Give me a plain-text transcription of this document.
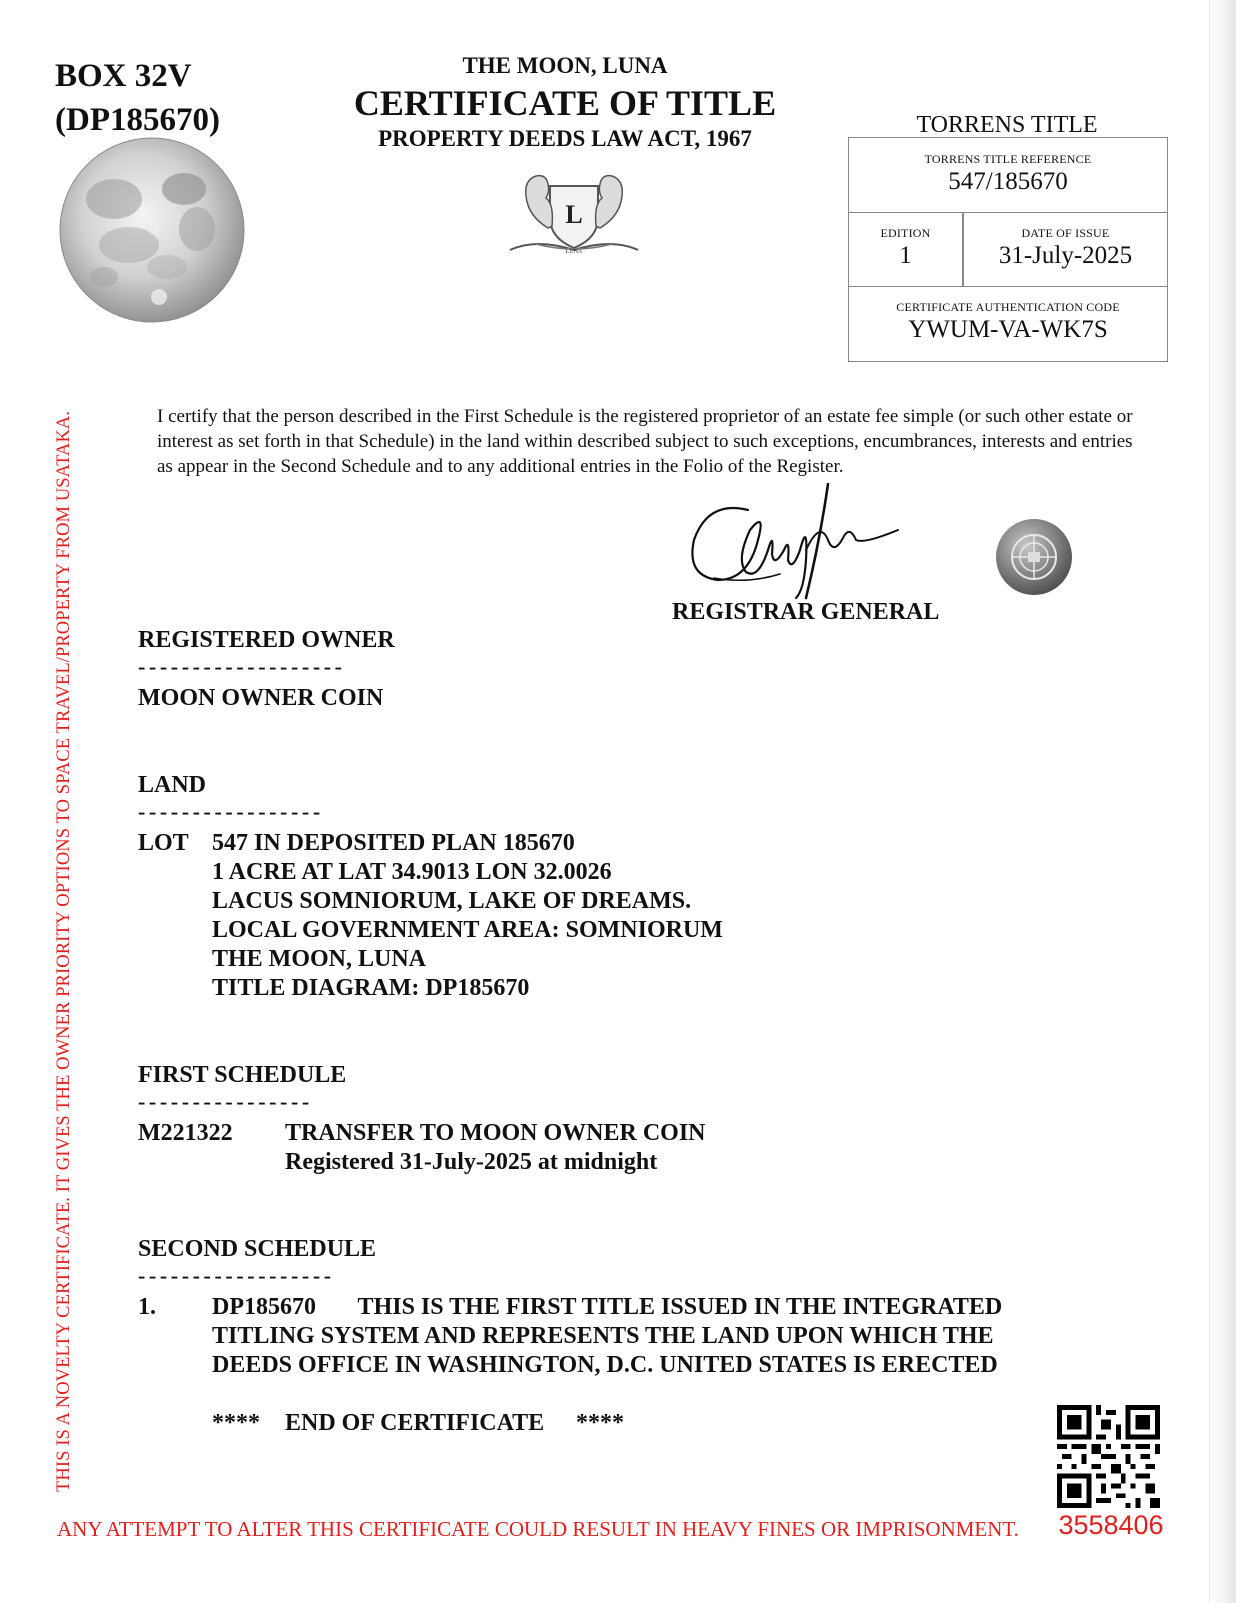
BOX 32V
(DP185670)
THIS IS A NOVELTY CERTIFICATE. IT GIVES THE OWNER PRIORITY OPTIONS TO SPACE TRAVEL/PROPERTY FROM USATAKA.
THE MOON, LUNA
CERTIFICATE OF TITLE
PROPERTY DEEDS LAW ACT, 1967
L
LUNA
TORRENS TITLE
TORRENS TITLE REFERENCE
547/185670
EDITION
1
DATE OF ISSUE
31-July-2025
CERTIFICATE AUTHENTICATION CODE
YWUM-VA-WK7S
I certify that the person described in the First Schedule is the registered proprietor of an estate fee simple (or such other estate or interest as set forth in that Schedule) in the land within described subject to such exceptions, encumbrances, interests and entries as appear in the Second Schedule and to any additional entries in the Folio of the Register.
REGISTRAR GENERAL
REGISTERED OWNER
-------------------
MOON OWNER COIN
LAND
-----------------
LOT 547 IN DEPOSITED PLAN 185670
1 ACRE AT LAT 34.9013 LON 32.0026
LACUS SOMNIORUM, LAKE OF DREAMS.
LOCAL GOVERNMENT AREA: SOMNIORUM
THE MOON, LUNA
TITLE DIAGRAM: DP185670
FIRST SCHEDULE
----------------
M221322 TRANSFER TO MOON OWNER COIN
Registered 31-July-2025 at midnight
SECOND SCHEDULE
------------------
1. DP185670       THIS IS THE FIRST TITLE ISSUED IN THE INTEGRATED
TITLING SYSTEM AND REPRESENTS THE LAND UPON WHICH THE
DEEDS OFFICE IN WASHINGTON, D.C. UNITED STATES IS ERECTED
**** END OF CERTIFICATE ****
3558406
ANY ATTEMPT TO ALTER THIS CERTIFICATE COULD RESULT IN HEAVY FINES OR IMPRISONMENT.
